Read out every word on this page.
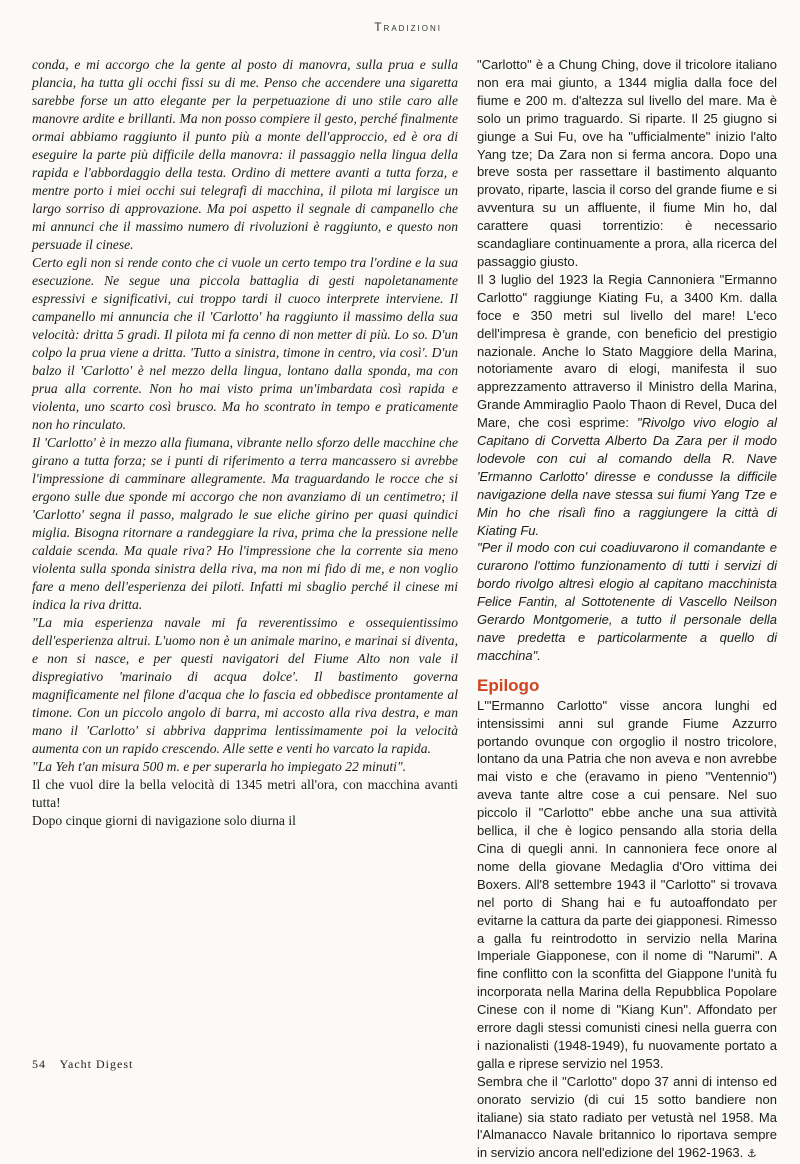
Tradizioni

conda, e mi accorgo che la gente al posto di manovra, sulla prua e sulla plancia, ha tutta gli occhi fissi su di me. Penso che accendere una sigaretta sarebbe forse un atto elegante per la perpetuazione di uno stile caro alle manovre ardite e brillanti. Ma non posso compiere il gesto, perché finalmente ormai abbiamo raggiunto il punto più a monte dell'approccio, ed è ora di eseguire la parte più difficile della manovra: il passaggio nella lingua della rapida e l'abbordaggio della testa. Ordino di mettere avanti a tutta forza, e mentre porto i miei occhi sui telegrafi di macchina, il pilota mi largisce un largo sorriso di approvazione. Ma poi aspetto il segnale di campanello che mi annunci che il massimo numero di rivoluzioni è raggiunto, e questo non persuade il cinese.

Certo egli non si rende conto che ci vuole un certo tempo tra l'ordine e la sua esecuzione. Ne segue una piccola battaglia di gesti napoletanamente espressivi e significativi, cui troppo tardi il cuoco interprete interviene. Il campanello mi annuncia che il 'Carlotto' ha raggiunto il massimo della sua velocità: dritta 5 gradi. Il pilota mi fa cenno di non metter di più. Lo so. D'un colpo la prua viene a dritta. 'Tutto a sinistra, timone in centro, via così'. D'un balzo il 'Carlotto' è nel mezzo della lingua, lontano dalla sponda, ma con prua alla corrente. Non ho mai visto prima un'imbardata così rapida e violenta, uno scarto così brusco. Ma ho scontrato in tempo e praticamente non ho rinculato.

Il 'Carlotto' è in mezzo alla fiumana, vibrante nello sforzo delle macchine che girano a tutta forza; se i punti di riferimento a terra mancassero si avrebbe l'impressione di camminare allegramente. Ma traguardando le rocce che si ergono sulle due sponde mi accorgo che non avanziamo di un centimetro; il 'Carlotto' segna il passo, malgrado le sue eliche girino per quasi quindici miglia. Bisogna ritornare a randeggiare la riva, prima che la pressione nelle caldaie scenda. Ma quale riva? Ho l'impressione che la corrente sia meno violenta sulla sponda sinistra della riva, ma non mi fido di me, e non voglio fare a meno dell'esperienza dei piloti. Infatti mi sbaglio perché il cinese mi indica la riva dritta.

"La mia esperienza navale mi fa reverentissimo e ossequientissimo dell'esperienza altrui. L'uomo non è un animale marino, e marinai si diventa, e non si nasce, e per questi navigatori del Fiume Alto non vale il dispregiativo 'marinaio di acqua dolce'. Il bastimento governa magnificamente nel filone d'acqua che lo fascia ed obbedisce prontamente al timone. Con un piccolo angolo di barra, mi accosto alla riva destra, e man mano il 'Carlotto' si abbriva dapprima lentissimamente poi la velocità aumenta con un rapido crescendo. Alle sette e venti ho varcato la rapida.

"La Yeh t'an misura 500 m. e per superarla ho impiegato 22 minuti".

Il che vuol dire la bella velocità di 1345 metri all'ora, con macchina avanti tutta!

Dopo cinque giorni di navigazione solo diurna il

"Carlotto" è a Chung Ching, dove il tricolore italiano non era mai giunto, a 1344 miglia dalla foce del fiume e 200 m. d'altezza sul livello del mare. Ma è solo un primo traguardo. Si riparte. Il 25 giugno si giunge a Sui Fu, ove ha "ufficialmente" inizio l'alto Yang tze; Da Zara non si ferma ancora. Dopo una breve sosta per rassettare il bastimento alquanto provato, riparte, lascia il corso del grande fiume e si avventura su un affluente, il fiume Min ho, dal carattere quasi torrentizio: è necessario scandagliare continuamente a prora, alla ricerca del passaggio giusto.

Il 3 luglio del 1923 la Regia Cannoniera "Ermanno Carlotto" raggiunge Kiating Fu, a 3400 Km. dalla foce e 350 metri sul livello del mare! L'eco dell'impresa è grande, con beneficio del prestigio nazionale. Anche lo Stato Maggiore della Marina, notoriamente avaro di elogi, manifesta il suo apprezzamento attraverso il Ministro della Marina, Grande Ammiraglio Paolo Thaon di Revel, Duca del Mare, che così esprime: "Rivolgo vivo elogio al Capitano di Corvetta Alberto Da Zara per il modo lodevole con cui al comando della R. Nave 'Ermanno Carlotto' diresse e condusse la difficile navigazione della nave stessa sui fiumi Yang Tze e Min ho che risalì fino a raggiungere la città di Kiating Fu.

"Per il modo con cui coadiuvarono il comandante e curarono l'ottimo funzionamento di tutti i servizi di bordo rivolgo altresì elogio al capitano macchinista Felice Fantin, al Sottotenente di Vascello Neilson Gerardo Montgomerie, a tutto il personale della nave predetta e particolarmente a quello di macchina".

Epilogo

L'"Ermanno Carlotto" visse ancora lunghi ed intensissimi anni sul grande Fiume Azzurro portando ovunque con orgoglio il nostro tricolore, lontano da una Patria che non aveva e non avrebbe mai visto e che (eravamo in pieno "Ventennio") aveva tante altre cose a cui pensare. Nel suo piccolo il "Carlotto" ebbe anche una sua attività bellica, il che è logico pensando alla storia della Cina di quegli anni. In cannoniera fece onore al nome della giovane Medaglia d'Oro vittima dei Boxers. All'8 settembre 1943 il "Carlotto" si trovava nel porto di Shang hai e fu autoaffondato per evitarne la cattura da parte dei giapponesi. Rimesso a galla fu reintrodotto in servizio nella Marina Imperiale Giapponese, con il nome di "Narumi". A fine conflitto con la sconfitta del Giappone l'unità fu incorporata nella Marina della Repubblica Popolare Cinese con il nome di "Kiang Kun". Affondato per errore dagli stessi comunisti cinesi nella guerra con i nazionalisti (1948-1949), fu nuovamente portato a galla e riprese servizio nel 1953.

Sembra che il "Carlotto" dopo 37 anni di intenso ed onorato servizio (di cui 15 sotto bandiere non italiane) sia stato radiato per vetustà nel 1958. Ma l'Almanacco Navale britannico lo riportava sempre in servizio ancora nell'edizione del 1962-1963. ⚓

54 Yacht Digest
